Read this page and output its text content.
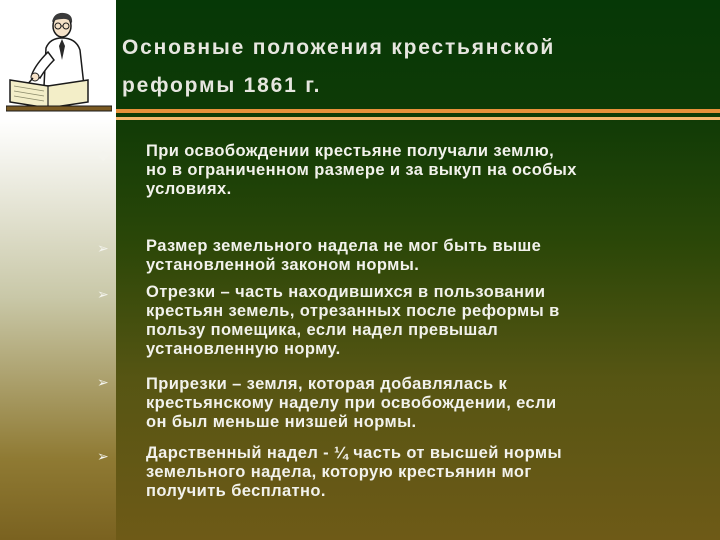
Основные положения крестьянской
реформы 1861 г.
❖ При освобождении крестьяне получали землю,
но в ограниченном размере и за выкуп на особых
условиях.
➢ Размер земельного надела не мог быть выше
установленной законом нормы.
➢ Отрезки – часть находившихся в пользовании
крестьян земель, отрезанных после реформы в
пользу помещика, если надел превышал
установленную норму.
➢ Прирезки – земля, которая добавлялась к
крестьянскому наделу при освобождении, если
он был меньше низшей нормы.
➢ Дарственный надел - ¼ часть от высшей нормы
земельного надела, которую крестьянин мог
получить бесплатно.
